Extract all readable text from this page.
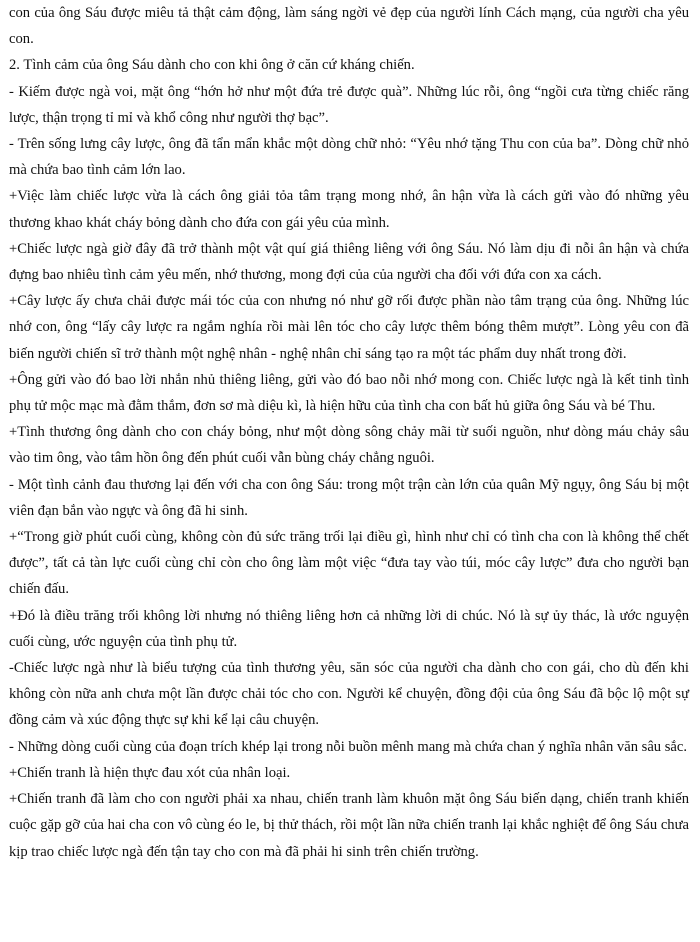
con của ông Sáu được miêu tả thật cảm động, làm sáng ngời vẻ đẹp của người lính Cách mạng, của người cha yêu con.

2. Tình cảm của ông Sáu dành cho con khi ông ở căn cứ kháng chiến.

- Kiếm được ngà voi, mặt ông “hớn hở như một đứa trẻ được quà”. Những lúc rỗi, ông “ngồi cưa từng chiếc răng lược, thận trọng tỉ mỉ và khổ công như người thợ bạc”.

- Trên sống lưng cây lược, ông đã tẩn mẩn khắc một dòng chữ nhỏ: “Yêu nhớ tặng Thu con của ba”. Dòng chữ nhỏ mà chứa bao tình cảm lớn lao.

+Việc làm chiếc lược vừa là cách ông giải tỏa tâm trạng mong nhớ, ân hận vừa là cách gửi vào đó những yêu thương khao khát cháy bỏng dành cho đứa con gái yêu của mình.

+Chiếc lược ngà giờ đây đã trở thành một vật quí giá thiêng liêng với ông Sáu. Nó làm dịu đi nỗi ân hận và chứa đựng bao nhiêu tình cảm yêu mến, nhớ thương, mong đợi của của người cha đối với đứa con xa cách.

+Cây lược ấy chưa chải được mái tóc của con nhưng nó như gỡ rối được phần nào tâm trạng của ông. Những lúc nhớ con, ông “lấy cây lược ra ngắm nghía rồi mài lên tóc cho cây lược thêm bóng thêm mượt”. Lòng yêu con đã biến người chiến sĩ trở thành một nghệ nhân - nghệ nhân chỉ sáng tạo ra một tác phẩm duy nhất trong đời.

+Ông gửi vào đó bao lời nhắn nhủ thiêng liêng, gửi vào đó bao nỗi nhớ mong con. Chiếc lược ngà là kết tinh tình phụ tử mộc mạc mà đằm thắm, đơn sơ mà diệu kì, là hiện hữu của tình cha con bất hủ giữa ông Sáu và bé Thu.

+Tình thương ông dành cho con cháy bỏng, như một dòng sông chảy mãi từ suối nguồn, như dòng máu chảy sâu vào tim ông, vào tâm hồn ông đến phút cuối vẫn bùng cháy chẳng nguôi.

- Một tình cảnh đau thương lại đến với cha con ông Sáu: trong một trận càn lớn của quân Mỹ ngụy, ông Sáu bị một viên đạn bắn vào ngực và ông đã hi sinh.

+“Trong giờ phút cuối cùng, không còn đủ sức trăng trối lại điều gì, hình như chỉ có tình cha con là không thể chết được”, tất cả tàn lực cuối cùng chỉ còn cho ông làm một việc “đưa tay vào túi, móc cây lược” đưa cho người bạn chiến đấu.

+Đó là điều trăng trối không lời nhưng nó thiêng liêng hơn cả những lời di chúc. Nó là sự ủy thác, là ước nguyện cuối cùng, ước nguyện của tình phụ tử.

-Chiếc lược ngà như là biểu tượng của tình thương yêu, săn sóc của người cha dành cho con gái, cho dù đến khi không còn nữa anh chưa một lần được chải tóc cho con. Người kể chuyện, đồng đội của ông Sáu đã bộc lộ một sự đồng cảm và xúc động thực sự khi kể lại câu chuyện.

- Những dòng cuối cùng của đoạn trích khép lại trong nỗi buồn mênh mang mà chứa chan ý nghĩa nhân văn sâu sắc.

+Chiến tranh là hiện thực đau xót của nhân loại.

+Chiến tranh đã làm cho con người phải xa nhau, chiến tranh làm khuôn mặt ông Sáu biến dạng, chiến tranh khiến cuộc gặp gỡ của hai cha con vô cùng éo le, bị thử thách, rồi một lần nữa chiến tranh lại khắc nghiệt để ông Sáu chưa kịp trao chiếc lược ngà đến tận tay cho con mà đã phải hi sinh trên chiến trường.
